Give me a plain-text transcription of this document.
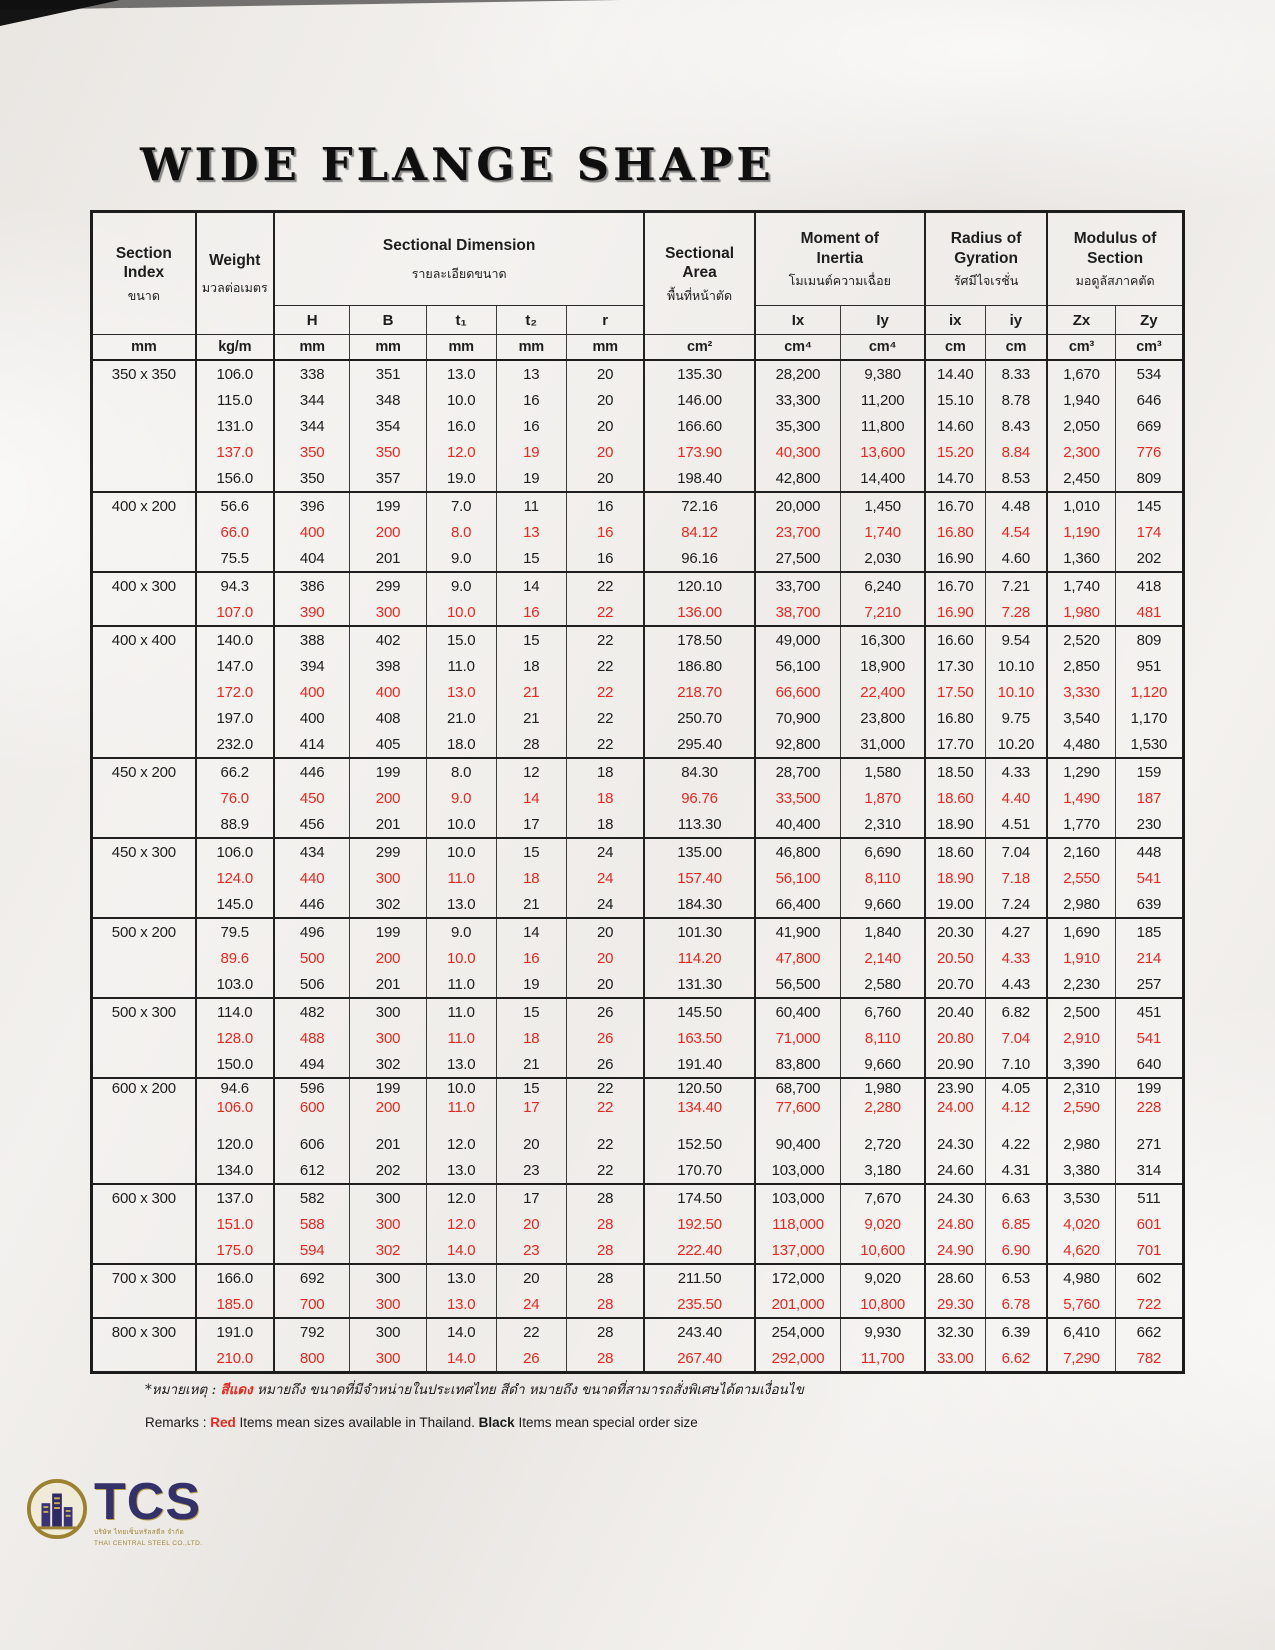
WIDE FLANGE SHAPE
Section
Index
ขนาด	Weight
มวลต่อเมตร	Sectional Dimension
รายละเอียดขนาด					Sectional
Area
พื้นที่หน้าตัด	Moment of
Inertia
โมเมนต์ความเฉื่อย		Radius of
Gyration
รัศมีไจเรชั่น		Modulus of
Section
มอดูลัสภาคตัด	

		H	B	t₁	t₂	r		Ix	Iy	ix	iy	Zx	Zy
mm	kg/m	mm	mm	mm	mm	mm	cm²	cm⁴	cm⁴	cm	cm	cm³	cm³
350 x 350	106.0	338	351	13.0	13	20	135.30	28,200	9,380	14.40	8.33	1,670	534
	115.0	344	348	10.0	16	20	146.00	33,300	11,200	15.10	8.78	1,940	646
	131.0	344	354	16.0	16	20	166.60	35,300	11,800	14.60	8.43	2,050	669
	137.0	350	350	12.0	19	20	173.90	40,300	13,600	15.20	8.84	2,300	776
	156.0	350	357	19.0	19	20	198.40	42,800	14,400	14.70	8.53	2,450	809
400 x 200	56.6	396	199	7.0	11	16	72.16	20,000	1,450	16.70	4.48	1,010	145
	66.0	400	200	8.0	13	16	84.12	23,700	1,740	16.80	4.54	1,190	174
	75.5	404	201	9.0	15	16	96.16	27,500	2,030	16.90	4.60	1,360	202
400 x 300	94.3	386	299	9.0	14	22	120.10	33,700	6,240	16.70	7.21	1,740	418
	107.0	390	300	10.0	16	22	136.00	38,700	7,210	16.90	7.28	1,980	481
400 x 400	140.0	388	402	15.0	15	22	178.50	49,000	16,300	16.60	9.54	2,520	809
	147.0	394	398	11.0	18	22	186.80	56,100	18,900	17.30	10.10	2,850	951
	172.0	400	400	13.0	21	22	218.70	66,600	22,400	17.50	10.10	3,330	1,120
	197.0	400	408	21.0	21	22	250.70	70,900	23,800	16.80	9.75	3,540	1,170
	232.0	414	405	18.0	28	22	295.40	92,800	31,000	17.70	10.20	4,480	1,530
450 x 200	66.2	446	199	8.0	12	18	84.30	28,700	1,580	18.50	4.33	1,290	159
	76.0	450	200	9.0	14	18	96.76	33,500	1,870	18.60	4.40	1,490	187
	88.9	456	201	10.0	17	18	113.30	40,400	2,310	18.90	4.51	1,770	230
450 x 300	106.0	434	299	10.0	15	24	135.00	46,800	6,690	18.60	7.04	2,160	448
	124.0	440	300	11.0	18	24	157.40	56,100	8,110	18.90	7.18	2,550	541
	145.0	446	302	13.0	21	24	184.30	66,400	9,660	19.00	7.24	2,980	639
500 x 200	79.5	496	199	9.0	14	20	101.30	41,900	1,840	20.30	4.27	1,690	185
	89.6	500	200	10.0	16	20	114.20	47,800	2,140	20.50	4.33	1,910	214
	103.0	506	201	11.0	19	20	131.30	56,500	2,580	20.70	4.43	2,230	257
500 x 300	114.0	482	300	11.0	15	26	145.50	60,400	6,760	20.40	6.82	2,500	451
	128.0	488	300	11.0	18	26	163.50	71,000	8,110	20.80	7.04	2,910	541
	150.0	494	302	13.0	21	26	191.40	83,800	9,660	20.90	7.10	3,390	640
600 x 200	94.6	596	199	10.0	15	22	120.50	68,700	1,980	23.90	4.05	2,310	199
	106.0	600	200	11.0	17	22	134.40	77,600	2,280	24.00	4.12	2,590	228
	120.0	606	201	12.0	20	22	152.50	90,400	2,720	24.30	4.22	2,980	271
	134.0	612	202	13.0	23	22	170.70	103,000	3,180	24.60	4.31	3,380	314
600 x 300	137.0	582	300	12.0	17	28	174.50	103,000	7,670	24.30	6.63	3,530	511
	151.0	588	300	12.0	20	28	192.50	118,000	9,020	24.80	6.85	4,020	601
	175.0	594	302	14.0	23	28	222.40	137,000	10,600	24.90	6.90	4,620	701
700 x 300	166.0	692	300	13.0	20	28	211.50	172,000	9,020	28.60	6.53	4,980	602
	185.0	700	300	13.0	24	28	235.50	201,000	10,800	29.30	6.78	5,760	722
800 x 300	191.0	792	300	14.0	22	28	243.40	254,000	9,930	32.30	6.39	6,410	662
	210.0	800	300	14.0	26	28	267.40	292,000	11,700	33.00	6.62	7,290	782
*หมายเหตุ : สีแดง หมายถึง ขนาดที่มีจำหน่ายในประเทศไทย สีดำ หมายถึง ขนาดที่สามารถสั่งพิเศษได้ตามเงื่อนไข
Remarks : Red Items mean sizes available in Thailand. Black Items mean special order size
TCS
บริษัท ไทยเซ็นทรัลสตีล จำกัด
THAI CENTRAL STEEL CO.,LTD.
